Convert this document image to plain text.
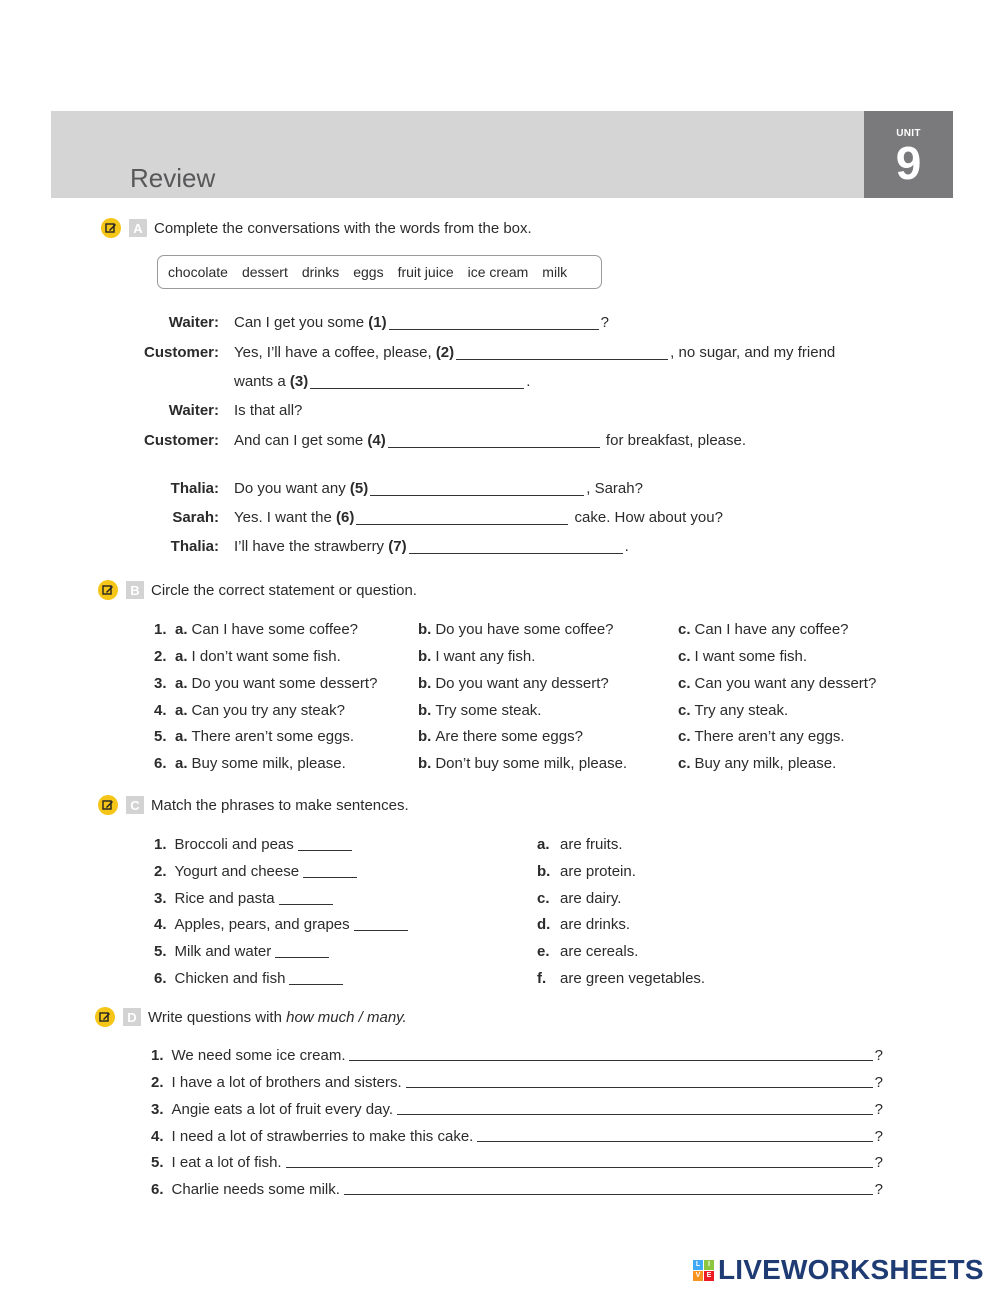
Review
UNIT
9
A Complete the conversations with the words from the box.
chocolate dessert drinks eggs fruit juice ice cream milk
Waiter:	Can I get you some (1)	?
Customer:	Yes, I’ll have a coffee, please, (2)	, no sugar, and my friend
wants a (3)	.
Waiter:	Is that all?
Customer:	And can I get some (4)	for breakfast, please.
Thalia:	Do you want any (5)	, Sarah?
Sarah:	Yes. I want the (6)	cake. How about you?
Thalia:	I’ll have the strawberry (7)	.
B Circle the correct statement or question.
1. a. Can I have some coffee?	b. Do you have some coffee?	c. Can I have any coffee?
2. a. I don’t want some fish.	b. I want any fish.	c. I want some fish.
3. a. Do you want some dessert?	b. Do you want any dessert?	c. Can you want any dessert?
4. a. Can you try any steak?	b. Try some steak.	c. Try any steak.
5. a. There aren’t some eggs.	b. Are there some eggs?	c. There aren’t any eggs.
6. a. Buy some milk, please.	b. Don’t buy some milk, please.	c. Buy any milk, please.
C Match the phrases to make sentences.
1. Broccoli and peas	a. are fruits.
2. Yogurt and cheese	b. are protein.
3. Rice and pasta	c. are dairy.
4. Apples, pears, and grapes	d. are drinks.
5. Milk and water	e. are cereals.
6. Chicken and fish	f. are green vegetables.
D Write questions with how much / many.
1. We need some ice cream.	?
2. I have a lot of brothers and sisters.	?
3. Angie eats a lot of fruit every day.	?
4. I need a lot of strawberries to make this cake.	?
5. I eat a lot of fish.	?
6. Charlie needs some milk.	?
L	I
V E LIVEWORKSHEETS
